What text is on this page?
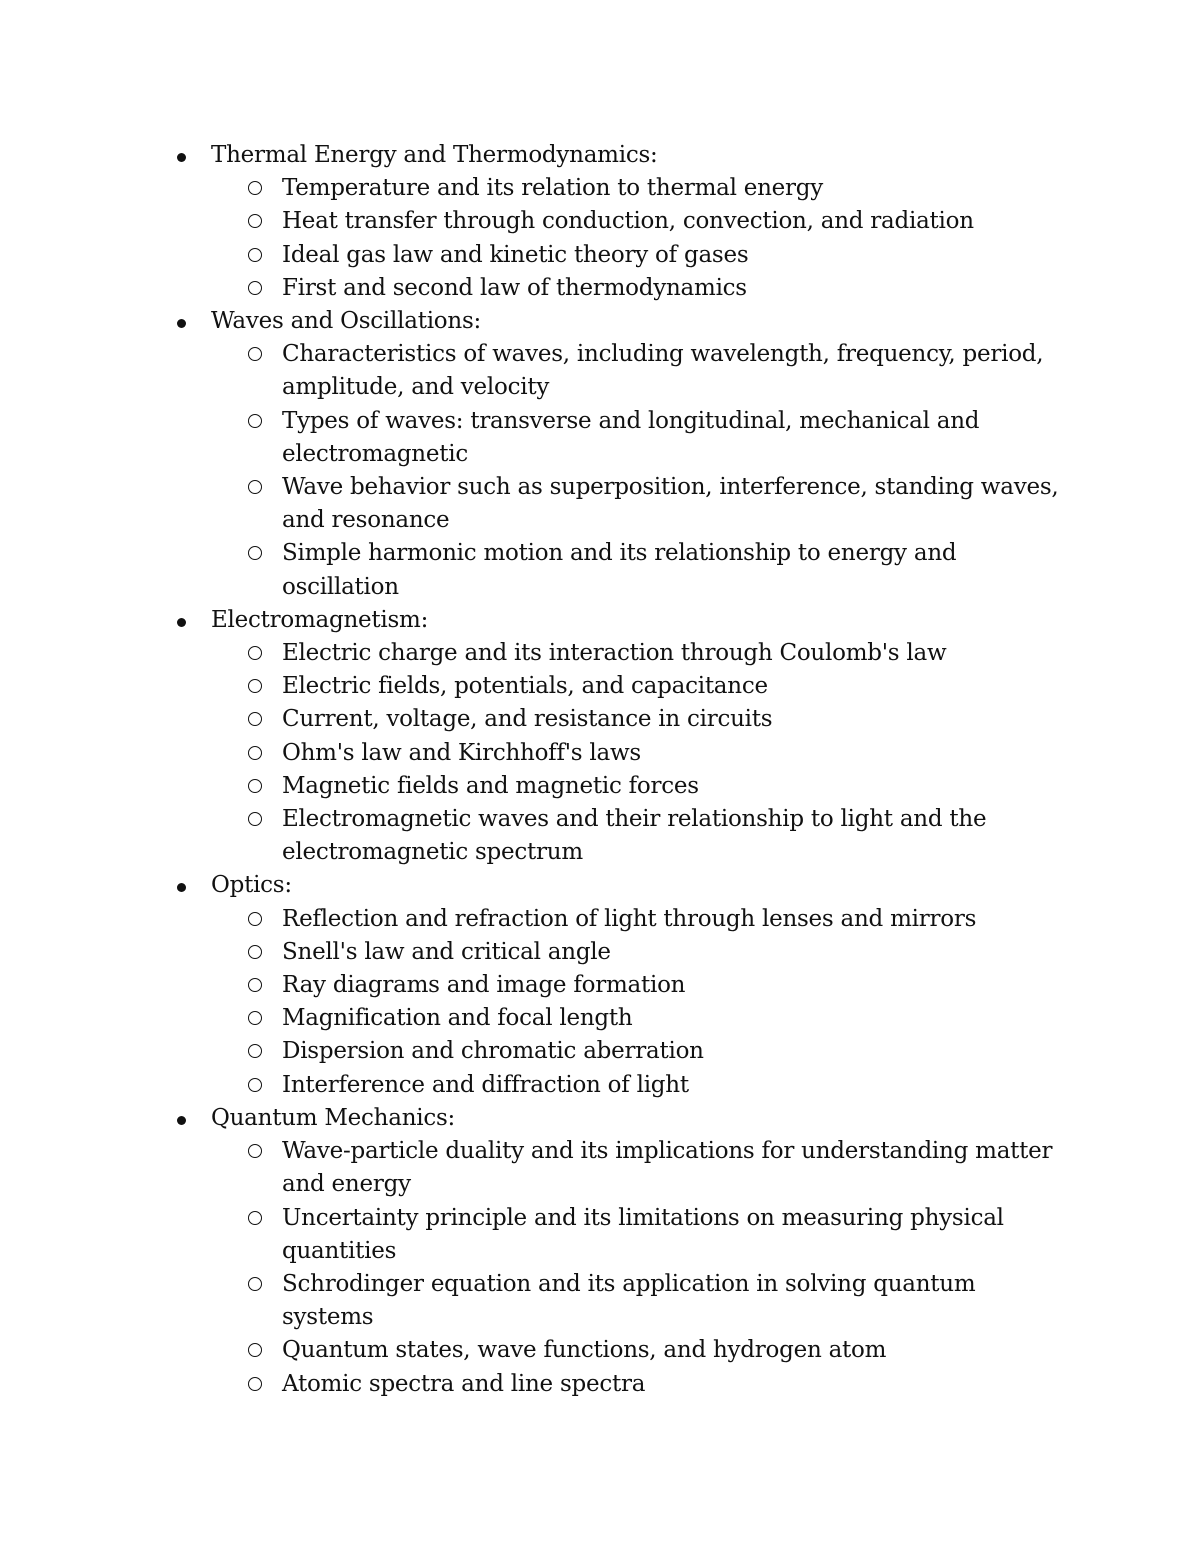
Thermal Energy and Thermodynamics:
Temperature and its relation to thermal energy
Heat transfer through conduction, convection, and radiation
Ideal gas law and kinetic theory of gases
First and second law of thermodynamics
Waves and Oscillations:
Characteristics of waves, including wavelength, frequency, period, amplitude, and velocity
Types of waves: transverse and longitudinal, mechanical and electromagnetic
Wave behavior such as superposition, interference, standing waves, and resonance
Simple harmonic motion and its relationship to energy and oscillation
Electromagnetism:
Electric charge and its interaction through Coulomb's law
Electric fields, potentials, and capacitance
Current, voltage, and resistance in circuits
Ohm's law and Kirchhoff's laws
Magnetic fields and magnetic forces
Electromagnetic waves and their relationship to light and the electromagnetic spectrum
Optics:
Reflection and refraction of light through lenses and mirrors
Snell's law and critical angle
Ray diagrams and image formation
Magnification and focal length
Dispersion and chromatic aberration
Interference and diffraction of light
Quantum Mechanics:
Wave-particle duality and its implications for understanding matter and energy
Uncertainty principle and its limitations on measuring physical quantities
Schrodinger equation and its application in solving quantum systems
Quantum states, wave functions, and hydrogen atom
Atomic spectra and line spectra
